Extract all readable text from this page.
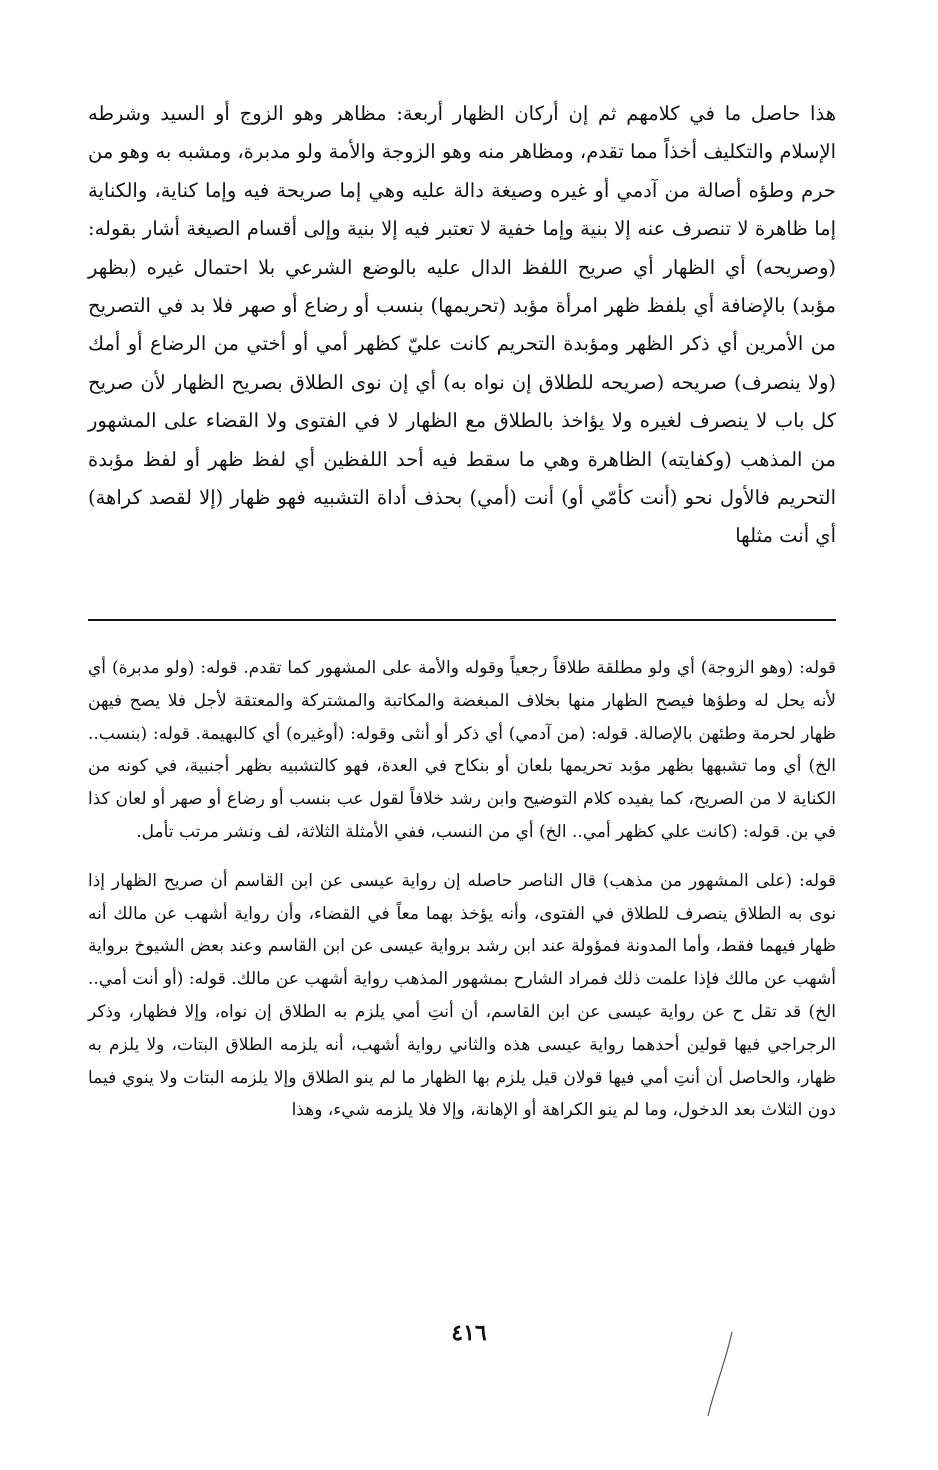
هذا حاصل ما في كلامهم ثم إن أركان الظهار أربعة: مظاهر وهو الزوج أو السيد وشرطه الإسلام والتكليف أخذاً مما تقدم، ومظاهر منه وهو الزوجة والأمة ولو مدبرة، ومشبه به وهو من حرم وطؤه أصالة من آدمي أو غيره وصيغة دالة عليه وهي إما صريحة فيه وإما كناية، والكناية إما ظاهرة لا تنصرف عنه إلا بنية وإما خفية لا تعتبر فيه إلا بنية وإلى أقسام الصيغة أشار بقوله: (وصريحه) أي الظهار أي صريح اللفظ الدال عليه بالوضع الشرعي بلا احتمال غيره (بظهر مؤبد) بالإضافة أي بلفظ ظهر امرأة مؤبد (تحريمها) بنسب أو رضاع أو صهر فلا بد في التصريح من الأمرين أي ذكر الظهر ومؤبدة التحريم كانت عليّ كظهر أمي أو أختي من الرضاع أو أمك (ولا ينصرف) صريحه (صريحه للطلاق إن نواه به) أي إن نوى الطلاق بصريح الظهار لأن صريح كل باب لا ينصرف لغيره ولا يؤاخذ بالطلاق مع الظهار لا في الفتوى ولا القضاء على المشهور من المذهب (وكفايته) الظاهرة وهي ما سقط فيه أحد اللفظين أي لفظ ظهر أو لفظ مؤبدة التحريم فالأول نحو (أنت كأمّي أو) أنت (أمي) بحذف أداة التشبيه فهو ظهار (إلا لقصد كراهة) أي أنت مثلها

قوله: (وهو الزوجة) أي ولو مطلقة طلاقاً رجعياً وقوله والأمة على المشهور كما تقدم. قوله: (ولو مدبرة) أي لأنه يحل له وطؤها فيصح الظهار منها بخلاف المبغضة والمكاتبة والمشتركة والمعتقة لأجل فلا يصح فيهن ظهار لحرمة وطئهن بالإصالة. قوله: (من آدمي) أي ذكر أو أنثى وقوله: (أوغيره) أي كالبهيمة. قوله: (بنسب.. الخ) أي وما تشبهها بظهر مؤبد تحريمها بلعان أو بنكاح في العدة، فهو كالتشبيه بظهر أجنبية، في كونه من الكناية لا من الصريح، كما يفيده كلام التوضيح وابن رشد خلافاً لقول عب بنسب أو رضاع أو صهر أو لعان كذا في بن. قوله: (كانت علي كظهر أمي.. الخ) أي من النسب، ففي الأمثلة الثلاثة، لف ونشر مرتب تأمل.

قوله: (على المشهور من مذهب) قال الناصر حاصله إن رواية عيسى عن ابن القاسم أن صريح الظهار إذا نوى به الطلاق ينصرف للطلاق في الفتوى، وأنه يؤخذ بهما معاً في القضاء، وأن رواية أشهب عن مالك أنه ظهار فيهما فقط، وأما المدونة فمؤولة عند ابن رشد برواية عيسى عن ابن القاسم وعند بعض الشيوخ برواية أشهب عن مالك فإذا علمت ذلك فمراد الشارح بمشهور المذهب رواية أشهب عن مالك. قوله: (أو أنت أمي.. الخ) قد تقل ح عن رواية عيسى عن ابن القاسم، أن أنتِ أمي يلزم به الطلاق إن نواه، وإلا فظهار، وذكر الرجراجي فيها قولين أحدهما رواية عيسى هذه والثاني رواية أشهب، أنه يلزمه الطلاق البتات، ولا يلزم به ظهار، والحاصل أن أنتِ أمي فيها قولان قيل يلزم بها الظهار ما لم ينو الطلاق وإلا يلزمه البتات ولا ينوي فيما دون الثلاث بعد الدخول، وما لم ينو الكراهة أو الإهانة، وإلا فلا يلزمه شيء، وهذا

٤١٦
